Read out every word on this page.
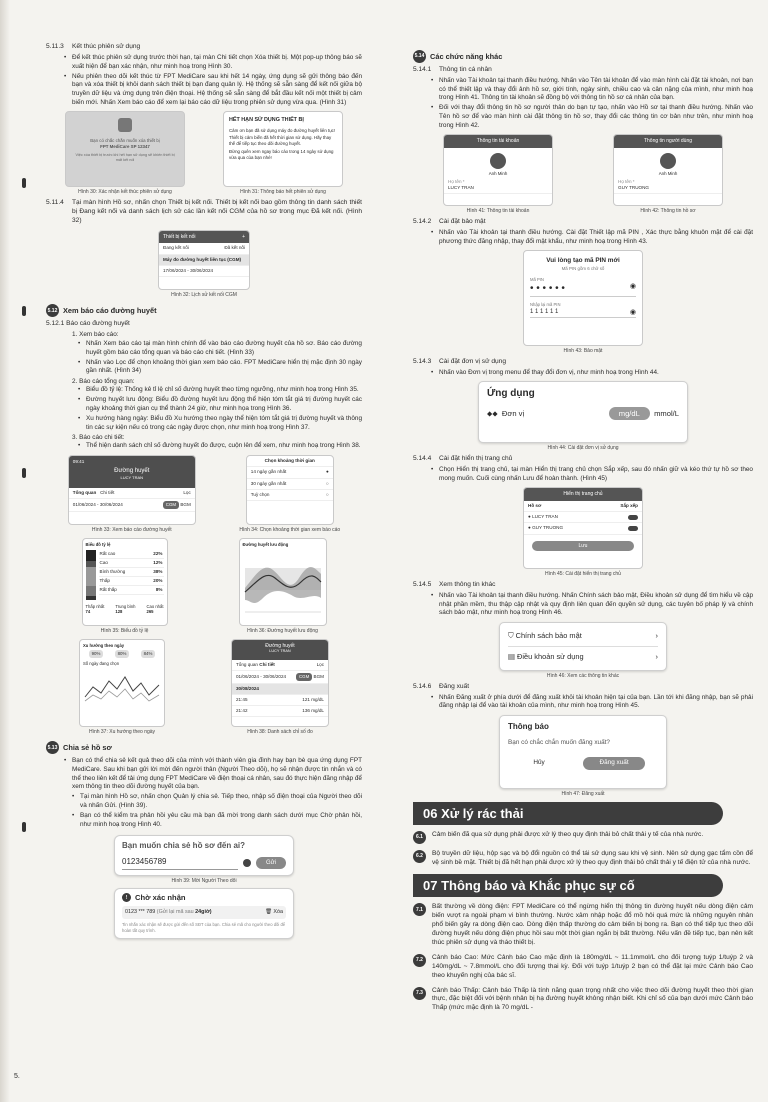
5.
5.11.3 Kết thúc phiên sử dụng
• Để kết thúc phiên sử dụng trước thời hạn, tại màn Chi tiết chọn Xóa thiết bị. Một pop-up thông báo sẽ xuất hiện để bạn xác nhận, như minh hoạ trong Hình 30.
• Nếu phiên theo dõi kết thúc từ FPT MediCare sau khi hết 14 ngày, ứng dụng sẽ gửi thông báo đến bạn và xóa thiết bị khỏi danh sách thiết bị bạn đang quản lý. Hệ thống sẽ sẵn sàng để kết nối giữa bộ truyền dữ liệu và ứng dụng trên điện thoại. Hệ thống sẽ sẵn sàng để bắt đầu kết nối một thiết bị cảm biến mới. Nhấn Xem báo cáo để xem lại báo cáo dữ liệu trong phiên sử dụng vừa qua. (Hình 31)
Bạn có chắc chắn muốn xóa thiết bị
FPT MediCare SP 12347
Việc xóa thiết bị trước khi hết hạn sử dụng sẽ khiến thiết bị mất kết nối
Hình 30: Xác nhận kết thúc phiên sử dụng
HẾT HẠN SỬ DỤNG THIẾT BỊ
Cảm ơn bạn đã sử dụng máy đo đường huyết liên tục!
Thiết bị cảm biến đã hết thời gian sử dụng. Hãy thay thế để tiếp tục theo dõi đường huyết.
Đừng quên xem ngay báo cáo trong 14 ngày sử dụng vừa qua của bạn nhé!
Hình 31: Thông báo hết phiên sử dụng
5.11.4	Tại màn hình Hồ sơ, nhấn chọn Thiết bị kết nối. Thiết bị kết nối bao gồm thông tin danh sách thiết bị Đang kết nối và danh sách lịch sử các lần kết nối CGM của hồ sơ trong mục Đã kết nối. (Hình 32)
Thiết bị kết nối	+
Đang kết nối	Đã kết nối
Máy đo đường huyết liên tục (CGM)
17/06/2024 - 30/06/2024
Hình 32: Lịch sử kết nối CGM
5.12 Xem báo cáo đường huyết
5.12.1 Báo cáo đường huyết
1. Xem báo cáo:
• Nhấn Xem báo cáo tại màn hình chính để vào báo cáo đường huyết của hồ sơ. Báo cáo đường huyết gồm báo cáo tổng quan và báo cáo chi tiết. (Hình 33)
• Nhấn vào Lọc để chọn khoảng thời gian xem báo cáo. FPT MediCare hiển thị mặc định 30 ngày gần nhất. (Hình 34)
2. Báo cáo tổng quan:
• Biểu đồ tỷ lệ: Thống kê tỉ lệ chỉ số đường huyết theo từng ngưỡng, như minh hoạ trong Hình 35.
• Đường huyết lưu động: Biểu đồ đường huyết lưu động thể hiện tóm tắt giá trị đường huyết các ngày khoảng thời gian cụ thể thành 24 giờ, như minh họa trong Hình 36.
• Xu hướng hàng ngày: Biểu đồ Xu hướng theo ngày thể hiện tóm tắt giá trị đường huyết và thông tin các sự kiện nếu có trong các ngày được chọn, như minh hoạ trong Hình 37.
3. Báo cáo chi tiết:
• Thể hiện danh sách chỉ số đường huyết đo được, cuộn lên để xem, như minh hoạ trong Hình 38.
09:41
Đường huyết
LUCY TRAN
Tổng quan Chi tiết	Lọc
01/06/2024 - 30/06/2024	CGM BGM
Hình 33: Xem báo cáo đường huyết
Chọn khoảng thời gian
14 ngày gần nhất	●
30 ngày gần nhất	○
Tuỳ chọn	○
Hình 34: Chọn khoảng thời gian xem báo cáo
Biểu đồ tỷ lệ
Rất cao	22%
Cao	12%
Bình thường	38%
Thấp	20%
Rất thấp	8%
Thấp nhất
74
Trung bình
128
Cao nhất
265
Hình 35: Biểu đồ tỷ lệ
Đường huyết lưu động
Hình 36: Đường huyết lưu động
Xu hướng theo ngày
90%	80%	84%
Số ngày đang chọn
Hình 37: Xu hướng theo ngày
Đường huyết
LUCY TRAN
Tổng quan Chi tiết	Lọc
01/06/2024 - 30/06/2024	CGM BGM
30/08/2024
21:45	121 mg/dL
21:42	136 mg/dL
Hình 38: Danh sách chỉ số đo
5.13 Chia sẻ hồ sơ
• Bạn có thể chia sẻ kết quả theo dõi của mình với thành viên gia đình hay bạn bè qua ứng dụng FPT MediCare. Sau khi bạn gửi lời mời đến người thân (Người Theo dõi), họ sẽ nhận được tin nhắn và có thể theo liên kết để tải ứng dụng FPT MediCare về điện thoại cá nhân, sau đó thực hiện đăng nhập để xem thông tin theo dõi đường huyết của bạn.
• Tại màn hình Hồ sơ, nhấn chọn Quản lý chia sẻ. Tiếp theo, nhập số điện thoại của Người theo dõi và nhấn Gửi. (Hình 39).
• Bạn có thể kiểm tra phản hồi yêu cầu mà bạn đã mời trong danh sách dưới mục Chờ phản hồi, như minh hoạ trong Hình 40.
Bạn muốn chia sẻ hồ sơ đến ai?
0123456789	Gửi
Hình 39: Mời Người Theo dõi
!	Chờ xác nhận
0123 *** 789 (Gửi lại mã sau 24giờ)	🗑 Xóa
Tin nhắn xác nhận sẽ được gửi đến số SĐT của bạn. Chia sẻ mã cho người theo dõi để hoàn tất quy trình.
5.14 Các chức năng khác
5.14.1 Thông tin cá nhân
• Nhấn vào Tài khoản tại thanh điều hướng. Nhấn vào Tên tài khoản để vào màn hình cài đặt tài khoản, nơi bạn có thể thiết lập và thay đổi ảnh hồ sơ, giới tính, ngày sinh, chiều cao và cân nặng của mình, như minh hoạ trong Hình 41. Thông tin tài khoản sẽ đồng bộ với thông tin hồ sơ cá nhân của bạn.
• Đối với thay đổi thông tin hồ sơ người thân do bạn tự tạo, nhấn vào Hồ sơ tại thanh điều hướng. Nhấn vào Tên hồ sơ để vào màn hình cài đặt thông tin hồ sơ, thay đổi các thông tin cơ bản như trên, như minh hoạ trong Hình 42.
Thông tin tài khoản
Anh Minh
Họ tên *
LUCY TRAN
Hình 41: Thông tin tài khoản
Thông tin người dùng
Anh Minh
Họ tên *
GUY TRUONG
Hình 42: Thông tin hồ sơ
5.14.2 Cài đặt bảo mật
• Nhấn vào Tài khoản tại thanh điều hướng. Cài đặt Thiết lập mã PIN , Xác thực bằng khuôn mặt để cài đặt phương thức đăng nhập, thay đổi mật khẩu, như minh hoạ trong Hình 43.
Vui lòng tạo mã PIN mới
Mã PIN gồm 6 chữ số
Mã PIN
• • • • • •	◉
Nhập lại mã PIN
1 1 1 1 1 1	◉
Hình 43: Bảo mật
5.14.3 Cài đặt đơn vị sử dụng
• Nhấn vào Đơn vị trong menu để thay đổi đơn vị, như minh hoạ trong Hình 44.
Ứng dụng
⬥⬥ Đơn vị	mg/dL mmol/L
Hình 44: Cài đặt đơn vị sử dụng
5.14.4 Cài đặt hiển thị trang chủ
• Chọn Hiển thị trang chủ, tại màn Hiển thị trang chủ chọn Sắp xếp, sau đó nhấn giữ và kéo thứ tự hồ sơ theo mong muốn. Cuối cùng nhấn Lưu để hoàn thành. (Hình 45)
Hiển thị trang chủ
Hồ sơ	Sắp xếp
● LUCY TRAN
● GUY TRUONG
Lưu
Hình 45: Cài đặt hiển thị trang chủ
5.14.5 Xem thông tin khác
• Nhấn vào Tài khoản tại thanh điều hướng. Nhấn Chính sách bảo mật, Điều khoản sử dụng để tìm hiểu về cập nhật phần mềm, thu thập cập nhật và quy định liên quan đến quyền sử dụng, các tuyên bố pháp lý và chính sách bảo mật, như minh hoạ trong Hình 46.
⛉ Chính sách bảo mật	›
▤ Điều khoản sử dụng	›
Hình 46: Xem các thông tin khác
5.14.6 Đăng xuất
• Nhấn Đăng xuất ở phía dưới để đăng xuất khỏi tài khoản hiện tại của bạn. Lần tới khi đăng nhập, bạn sẽ phải đăng nhập lại để vào tài khoản của mình, như minh hoạ trong Hình 45.
Thông báo
Bạn có chắc chắn muốn đăng xuất?
Hủy	Đăng xuất
Hình 47: Đăng xuất
06 Xử lý rác thải
6.1	Cảm biến đã qua sử dụng phải được xử lý theo quy định thải bỏ chất thải y tế của nhà nước.
6.2	Bộ truyền dữ liệu, hộp sạc và bộ đổi nguồn có thể tái sử dụng sau khi vệ sinh. Nên sử dụng gạc tẩm cồn để vệ sinh bề mặt. Thiết bị đã hết hạn phải được xử lý theo quy định thải bỏ chất thải y tế điện tử của nhà nước.
07 Thông báo và Khắc phục sự cố
7.1	Bất thường về dòng điện: FPT MediCare có thể ngừng hiển thị thông tin đường huyết nếu dòng điện cảm biến vượt ra ngoài phạm vi bình thường. Nước xâm nhập hoặc đổ mồ hôi quá mức là những nguyên nhân phổ biến gây ra dòng điện cao. Dòng điện thấp thường do cảm biến bị bong ra. Bạn có thể tiếp tục theo dõi đường huyết nếu dòng điện phục hồi sau một thời gian ngắn bị bất thường. Nếu vấn đề tiếp tục, bạn nên kết thúc phiên sử dụng và tháo thiết bị.
7.2	Cảnh báo Cao: Mức Cảnh báo Cao mặc định là 180mg/dL ~ 11.1mmol/L cho đối tượng tuýp 1/tuýp 2 và 140mg/dL ~ 7.8mmol/L cho đối tượng thai kỳ. Đối với tuýp 1/tuýp 2 bạn có thể đặt lại mức Cảnh báo Cao theo khuyến nghị của bác sĩ.
7.3	Cảnh báo Thấp: Cảnh báo Thấp là tính năng quan trọng nhất cho việc theo dõi đường huyết theo thời gian thực, đặc biệt đối với bệnh nhân bị hạ đường huyết không nhận biết. Khi chỉ số của bạn dưới mức Cảnh báo Thấp (mức mặc định là 70 mg/dL -
